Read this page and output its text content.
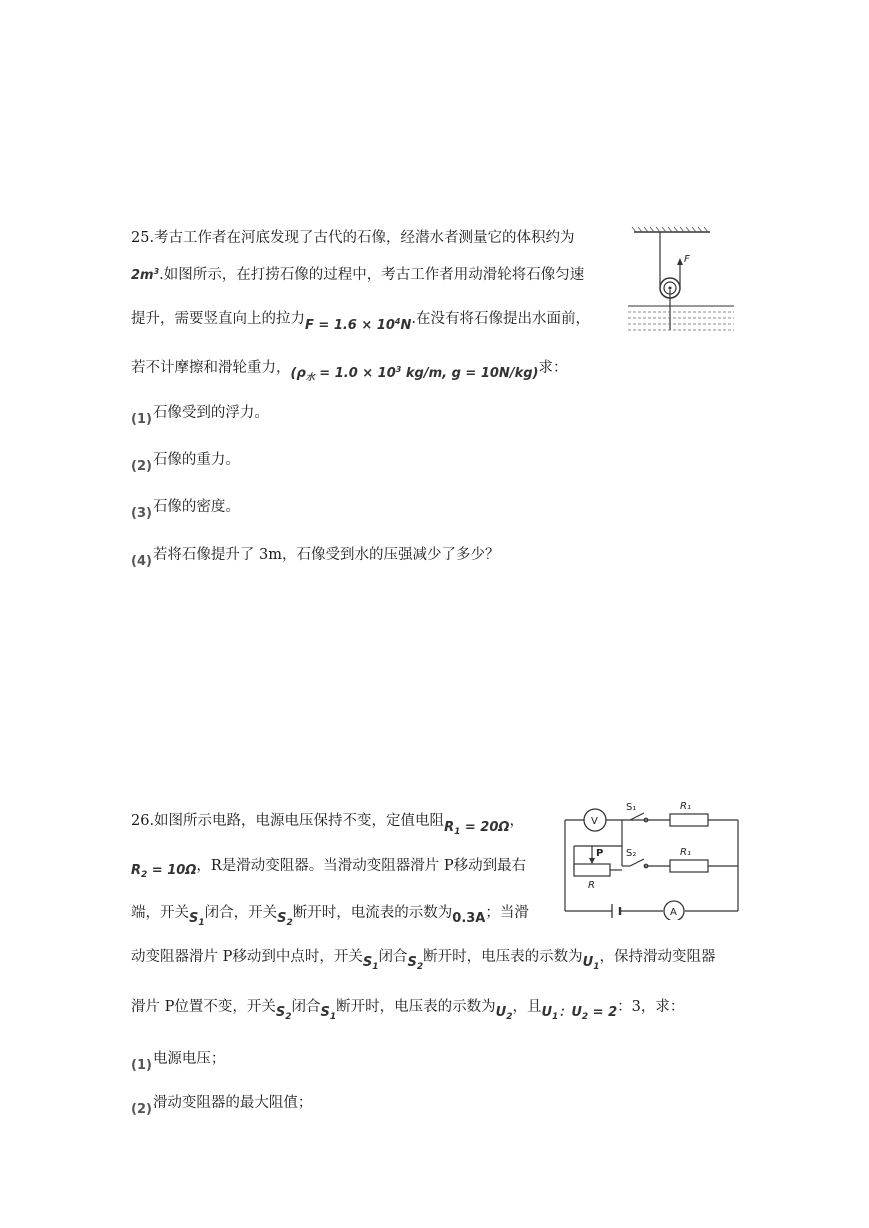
25.考古工作者在河底发现了古代的石像，经潜水者测量它的体积约为
$2m^3$.如图所示，在打捞石像的过程中，考古工作者用动滑轮将石像匀速
提升，需要竖直向上的拉力$F = 1.6 \times 10^4N$.在没有将石像提出水面前，
若不计摩擦和滑轮重力，($\rho_水 = 1.0 \times 10^3$ kg/m, g = 10N/kg)求：
(1)石像受到的浮力。
(2)石像的重力。
(3)石像的密度。
(4)若将石像提升了 3m，石像受到水的压强减少了多少？
F
26.如图所示电路，电源电压保持不变，定值电阻$R_1 = 20\Omega$，
$R_2 = 10\Omega$，R是滑动变阻器。当滑动变阻器滑片 P移动到最右
端，开关$S_1$闭合，开关$S_2$断开时，电流表的示数为0.3A；当滑
动变阻器滑片 P移动到中点时，开关$S_1$闭合$S_2$断开时，电压表的示数为$U_1$，保持滑动变阻器
滑片 P位置不变，开关$S_2$闭合$S_1$断开时，电压表的示数为$U_2$，且$U_1$：$U_2 = 2$：3，求：
(1)电源电压；
(2)滑动变阻器的最大阻值；
V
A
S₁
S₂
R₁
R₁
P
R
